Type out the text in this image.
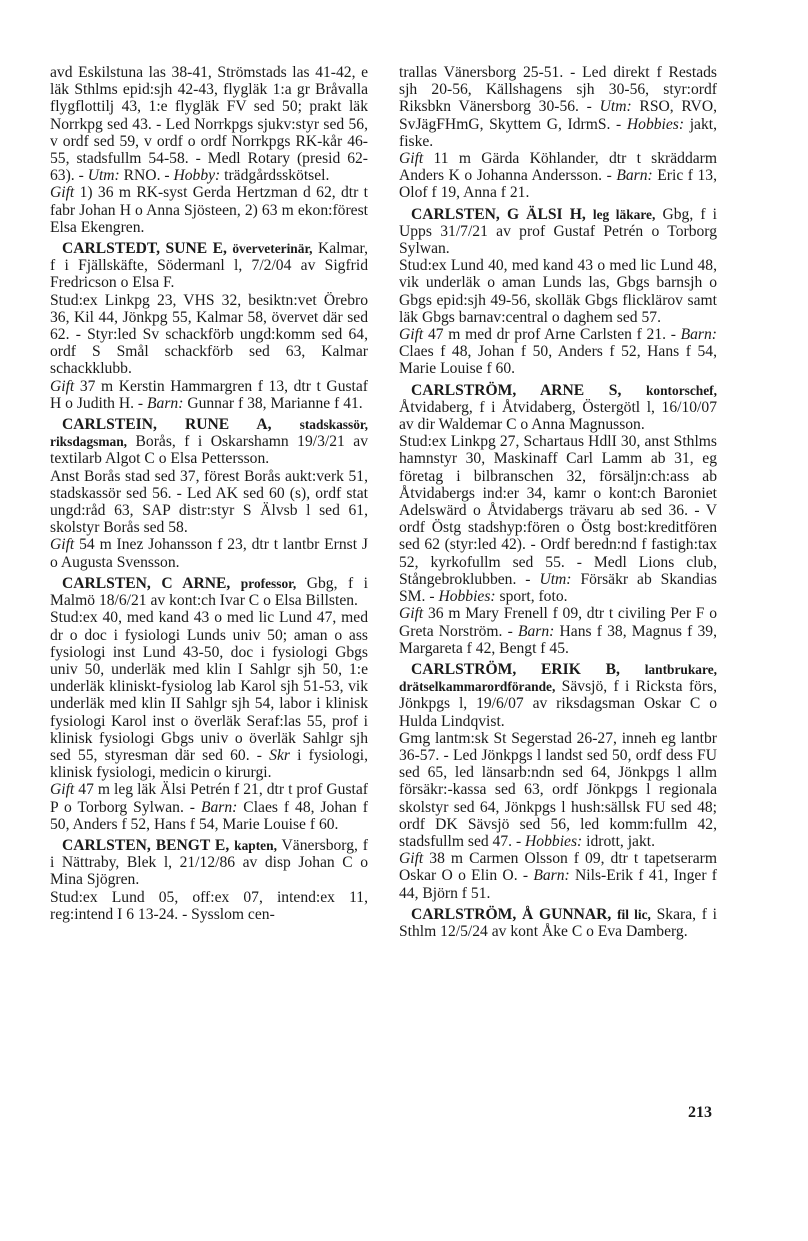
avd Eskilstuna las 38-41, Strömstads las 41-42, e läk Sthlms epid:sjh 42-43, flygläk 1:a gr Bråvalla flygflottilj 43, 1:e flygläk FV sed 50; prakt läk Norrkpg sed 43. - Led Norrkpgs sjukv:styr sed 56, v ordf sed 59, v ordf o ordf Norrkpgs RK-kår 46-55, stadsfullm 54-58. - Medl Rotary (presid 62-63). - Utm: RNO. - Hobby: trädgårdsskötsel.

Gift 1) 36 m RK-syst Gerda Hertzman d 62, dtr t fabr Johan H o Anna Sjösteen, 2) 63 m ekon:förest Elsa Ekengren.

CARLSTEDT, SUNE E, överveterinär, Kalmar, f i Fjällskäfte, Södermanl l, 7/2/04 av Sigfrid Fredricson o Elsa F.

Stud:ex Linkpg 23, VHS 32, besiktn:vet Örebro 36, Kil 44, Jönkpg 55, Kalmar 58, övervet där sed 62. - Styr:led Sv schackförb ungd:komm sed 64, ordf S Smål schackförb sed 63, Kalmar schackklubb.

Gift 37 m Kerstin Hammargren f 13, dtr t Gustaf H o Judith H. - Barn: Gunnar f 38, Marianne f 41.

CARLSTEIN, RUNE A, stadskassör, riksdagsman, Borås, f i Oskarshamn 19/3/21 av textilarb Algot C o Elsa Pettersson.

Anst Borås stad sed 37, förest Borås aukt:verk 51, stadskassör sed 56. - Led AK sed 60 (s), ordf stat ungd:råd 63, SAP distr:styr S Älvsb l sed 61, skolstyr Borås sed 58.

Gift 54 m Inez Johansson f 23, dtr t lantbr Ernst J o Augusta Svensson.

CARLSTEN, C ARNE, professor, Gbg, f i Malmö 18/6/21 av kont:ch Ivar C o Elsa Billsten.

Stud:ex 40, med kand 43 o med lic Lund 47, med dr o doc i fysiologi Lunds univ 50; aman o ass fysiologi inst Lund 43-50, doc i fysiologi Gbgs univ 50, underläk med klin I Sahlgr sjh 50, 1:e underläk kliniskt-fysiolog lab Karol sjh 51-53, vik underläk med klin II Sahlgr sjh 54, labor i klinisk fysiologi Karol inst o överläk Seraf:las 55, prof i klinisk fysiologi Gbgs univ o överläk Sahlgr sjh sed 55, styresman där sed 60. - Skr i fysiologi, klinisk fysiologi, medicin o kirurgi.

Gift 47 m leg läk Älsi Petrén f 21, dtr t prof Gustaf P o Torborg Sylwan. - Barn: Claes f 48, Johan f 50, Anders f 52, Hans f 54, Marie Louise f 60.

CARLSTEN, BENGT E, kapten, Vänersborg, f i Nättraby, Blek l, 21/12/86 av disp Johan C o Mina Sjögren.

Stud:ex Lund 05, off:ex 07, intend:ex 11, reg:intend I 6 13-24. - Sysslom cen-

trallas Vänersborg 25-51. - Led direkt f Restads sjh 20-56, Källshagens sjh 30-56, styr:ordf Riksbkn Vänersborg 30-56. - Utm: RSO, RVO, SvJägFHmG, Skyttem G, IdrmS. - Hobbies: jakt, fiske.

Gift 11 m Gärda Köhlander, dtr t skräddarm Anders K o Johanna Andersson. - Barn: Eric f 13, Olof f 19, Anna f 21.

CARLSTEN, G ÄLSI H, leg läkare, Gbg, f i Upps 31/7/21 av prof Gustaf Petrén o Torborg Sylwan.

Stud:ex Lund 40, med kand 43 o med lic Lund 48, vik underläk o aman Lunds las, Gbgs barnsjh o Gbgs epid:sjh 49-56, skolläk Gbgs flicklärov samt läk Gbgs barnav:central o daghem sed 57.

Gift 47 m med dr prof Arne Carlsten f 21. - Barn: Claes f 48, Johan f 50, Anders f 52, Hans f 54, Marie Louise f 60.

CARLSTRÖM, ARNE S, kontorschef, Åtvidaberg, f i Åtvidaberg, Östergötl l, 16/10/07 av dir Waldemar C o Anna Magnusson.

Stud:ex Linkpg 27, Schartaus HdlI 30, anst Sthlms hamnstyr 30, Maskinaff Carl Lamm ab 31, eg företag i bilbranschen 32, försäljn:ch:ass ab Åtvidabergs ind:er 34, kamr o kont:ch Baroniet Adelswärd o Åtvidabergs trävaru ab sed 36. - V ordf Östg stadshyp:fören o Östg bost:kreditfören sed 62 (styr:led 42). - Ordf beredn:nd f fastigh:tax 52, kyrkofullm sed 55. - Medl Lions club, Stångebroklubben. - Utm: Försäkr ab Skandias SM. - Hobbies: sport, foto.

Gift 36 m Mary Frenell f 09, dtr t civiling Per F o Greta Norström. - Barn: Hans f 38, Magnus f 39, Margareta f 42, Bengt f 45.

CARLSTRÖM, ERIK B, lantbrukare, drätselkammarordförande, Sävsjö, f i Ricksta förs, Jönkpgs l, 19/6/07 av riksdagsman Oskar C o Hulda Lindqvist.

Gmg lantm:sk St Segerstad 26-27, inneh eg lantbr 36-57. - Led Jönkpgs l landst sed 50, ordf dess FU sed 65, led länsarb:ndn sed 64, Jönkpgs l allm försäkr:-kassa sed 63, ordf Jönkpgs l regionala skolstyr sed 64, Jönkpgs l hush:sällsk FU sed 48; ordf DK Sävsjö sed 56, led komm:fullm 42, stadsfullm sed 47. - Hobbies: idrott, jakt.

Gift 38 m Carmen Olsson f 09, dtr t tapetserarm Oskar O o Elin O. - Barn: Nils-Erik f 41, Inger f 44, Björn f 51.

CARLSTRÖM, Å GUNNAR, fil lic, Skara, f i Sthlm 12/5/24 av kont Åke C o Eva Damberg.

213
